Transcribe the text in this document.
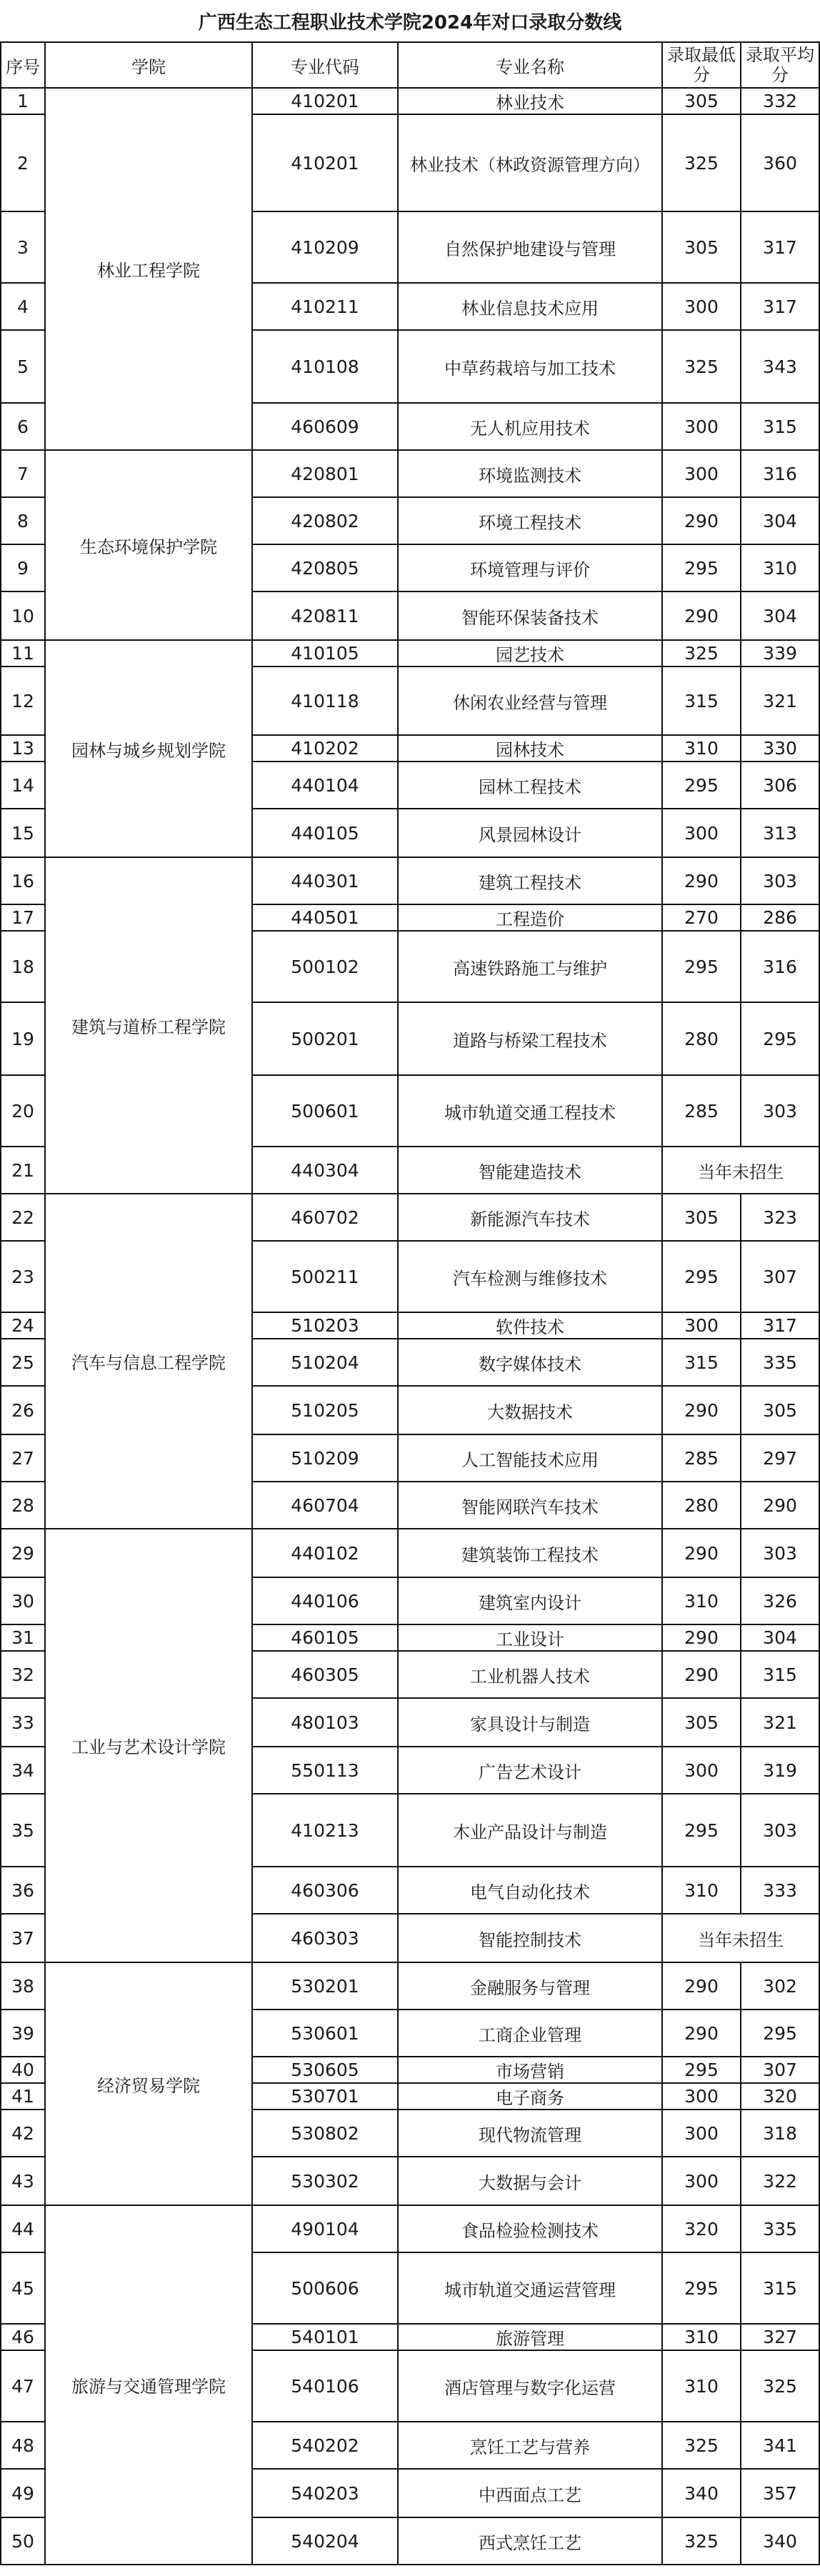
广西生态工程职业技术学院2024年对口录取分数线					
序号	学院	专业代码	专业名称	录取最低分	录取平均分
1	林业工程学院	410201	林业技术	305	332
2		410201	林业技术（林政资源管理方向）	325	360
3		410209	自然保护地建设与管理	305	317
4		410211	林业信息技术应用	300	317
5		410108	中草药栽培与加工技术	325	343
6		460609	无人机应用技术	300	315
7	生态环境保护学院	420801	环境监测技术	300	316
8		420802	环境工程技术	290	304
9		420805	环境管理与评价	295	310
10		420811	智能环保装备技术	290	304
11	园林与城乡规划学院	410105	园艺技术	325	339
12		410118	休闲农业经营与管理	315	321
13		410202	园林技术	310	330
14		440104	园林工程技术	295	306
15		440105	风景园林设计	300	313
16	建筑与道桥工程学院	440301	建筑工程技术	290	303
17		440501	工程造价	270	286
18		500102	高速铁路施工与维护	295	316
19		500201	道路与桥梁工程技术	280	295
20		500601	城市轨道交通工程技术	285	303
21		440304	智能建造技术	当年未招生	
22	汽车与信息工程学院	460702	新能源汽车技术	305	323
23		500211	汽车检测与维修技术	295	307
24		510203	软件技术	300	317
25		510204	数字媒体技术	315	335
26		510205	大数据技术	290	305
27		510209	人工智能技术应用	285	297
28		460704	智能网联汽车技术	280	290
29	工业与艺术设计学院	440102	建筑装饰工程技术	290	303
30		440106	建筑室内设计	310	326
31		460105	工业设计	290	304
32		460305	工业机器人技术	290	315
33		480103	家具设计与制造	305	321
34		550113	广告艺术设计	300	319
35		410213	木业产品设计与制造	295	303
36		460306	电气自动化技术	310	333
37		460303	智能控制技术	当年未招生	
38	经济贸易学院	530201	金融服务与管理	290	302
39		530601	工商企业管理	290	295
40		530605	市场营销	295	307
41		530701	电子商务	300	320
42		530802	现代物流管理	300	318
43		530302	大数据与会计	300	322
44	旅游与交通管理学院	490104	食品检验检测技术	320	335
45		500606	城市轨道交通运营管理	295	315
46		540101	旅游管理	310	327
47		540106	酒店管理与数字化运营	310	325
48		540202	烹饪工艺与营养	325	341
49		540203	中西面点工艺	340	357
50		540204	西式烹饪工艺	325	340
